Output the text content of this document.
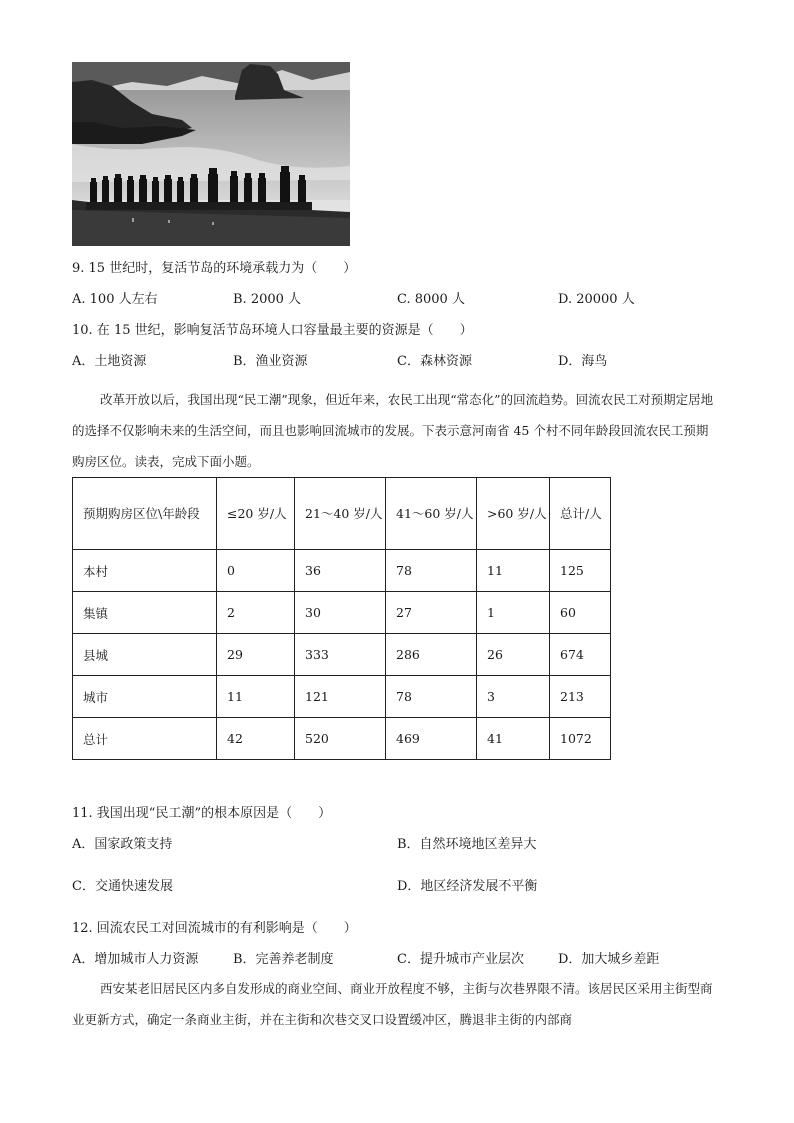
9. 15 世纪时，复活节岛的环境承载力为（　　）
A. 100 人左右	B. 2000 人	C. 8000 人	D. 20000 人
10. 在 15 世纪，影响复活节岛环境人口容量最主要的资源是（　　）
A．土地资源	B．渔业资源	C．森林资源	D．海鸟
改革开放以后，我国出现“民工潮”现象，但近年来，农民工出现“常态化”的回流趋势。回流农民工对预期定居地的选择不仅影响未来的生活空间，而且也影响回流城市的发展。下表示意河南省 45 个村不同年龄段回流农民工预期购房区位。读表，完成下面小题。
预期购房区位\年龄段	≤20 岁/人	21～40 岁/人	41～60 岁/人	>60 岁/人	总计/人
本村	0	36	78	11	125
集镇	2	30	27	1	60
县城	29	333	286	26	674
城市	11	121	78	3	213
总计	42	520	469	41	1072
11. 我国出现“民工潮”的根本原因是（　　）
A．国家政策支持	B．自然环境地区差异大
C．交通快速发展	D．地区经济发展不平衡
12. 回流农民工对回流城市的有利影响是（　　）
A．增加城市人力资源	B．完善养老制度	C．提升城市产业层次	D．加大城乡差距
西安某老旧居民区内多自发形成的商业空间、商业开放程度不够，主街与次巷界限不清。该居民区采用主街型商业更新方式，确定一条商业主街，并在主街和次巷交叉口设置缓冲区，腾退非主街的内部商
